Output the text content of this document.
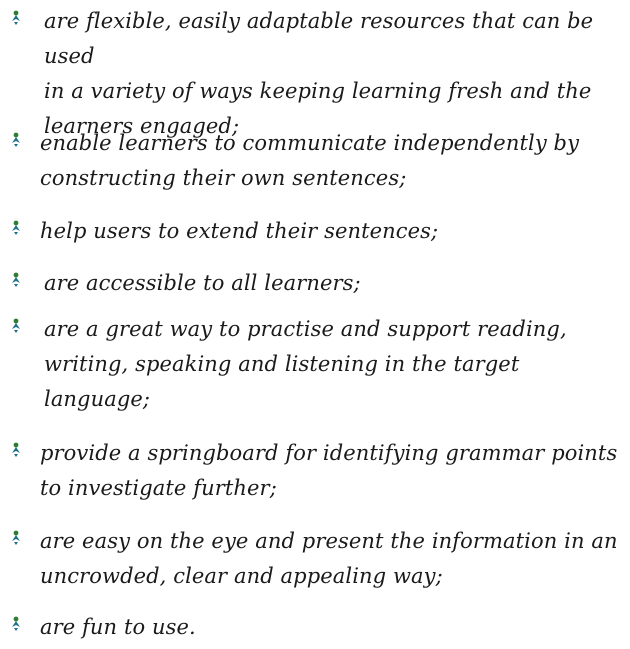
are flexible, easily adaptable resources that can be used
in a variety of ways keeping learning fresh and the
learners engaged;
enable learners to communicate independently by
constructing their own sentences;
help users to extend their sentences;
are accessible to all learners;
are a great way to practise and support reading,
writing, speaking and listening in the target
language;
provide a springboard for identifying grammar points
to investigate further;
are easy on the eye and present the information in an
uncrowded, clear and appealing way;
are fun to use.
